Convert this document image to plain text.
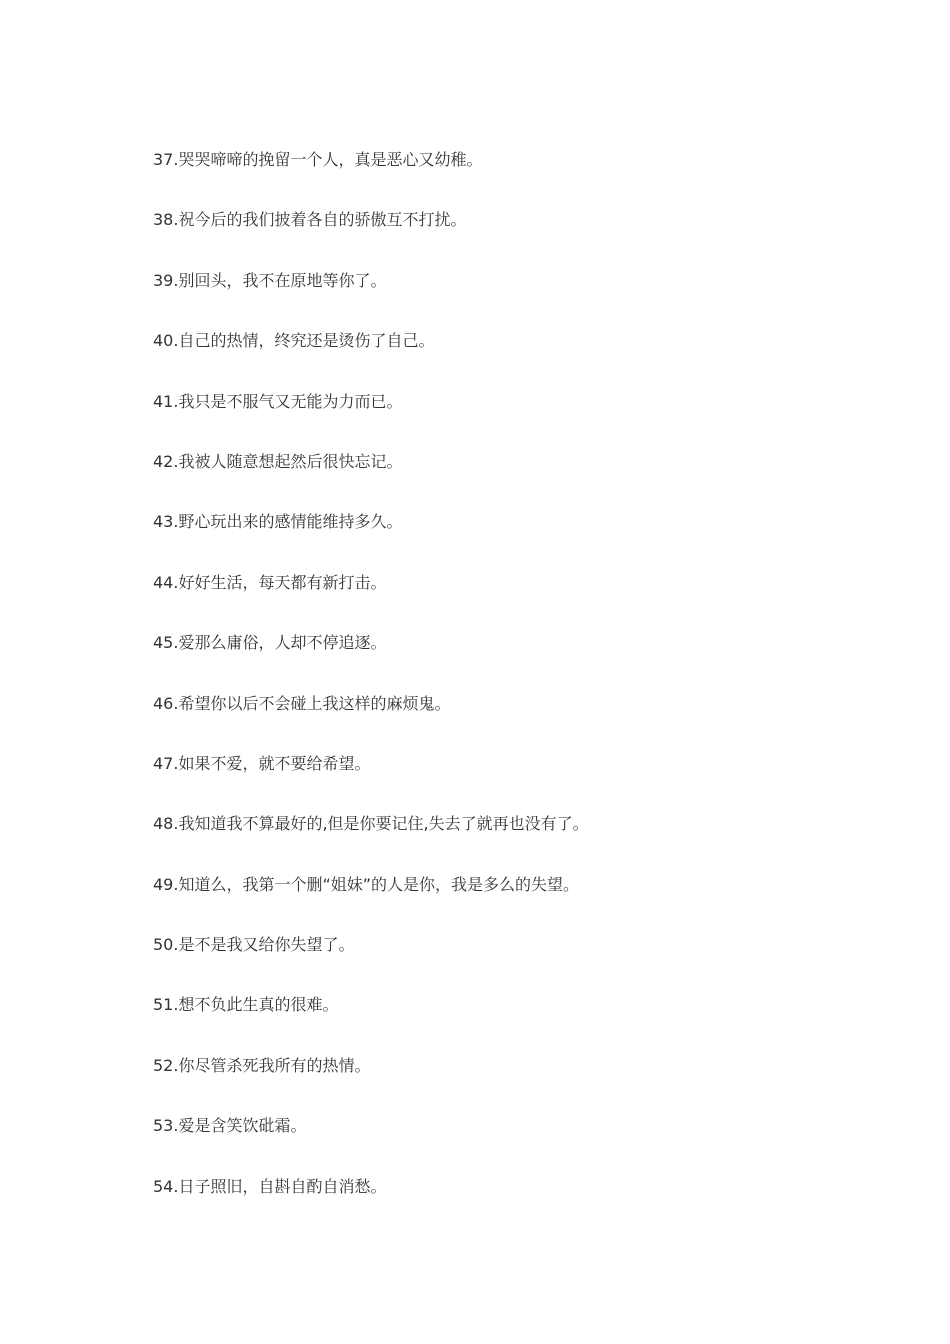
37.哭哭啼啼的挽留一个人，真是恶心又幼稚。
38.祝今后的我们披着各自的骄傲互不打扰。
39.别回头，我不在原地等你了。
40.自己的热情，终究还是烫伤了自己。
41.我只是不服气又无能为力而已。
42.我被人随意想起然后很快忘记。
43.野心玩出来的感情能维持多久。
44.好好生活，每天都有新打击。
45.爱那么庸俗，人却不停追逐。
46.希望你以后不会碰上我这样的麻烦鬼。
47.如果不爱，就不要给希望。
48.我知道我不算最好的,但是你要记住,失去了就再也没有了。
49.知道么，我第一个删“姐妹”的人是你，我是多么的失望。
50.是不是我又给你失望了。
51.想不负此生真的很难。
52.你尽管杀死我所有的热情。
53.爱是含笑饮砒霜。
54.日子照旧，自斟自酌自消愁。
